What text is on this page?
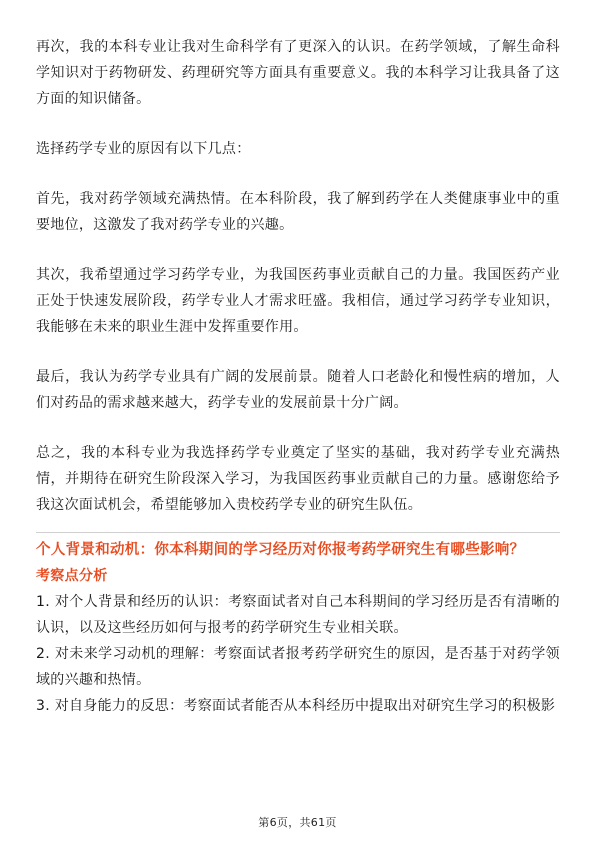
再次，我的本科专业让我对生命科学有了更深入的认识。在药学领域，了解生命科学知识对于药物研发、药理研究等方面具有重要意义。我的本科学习让我具备了这方面的知识储备。

选择药学专业的原因有以下几点：

首先，我对药学领域充满热情。在本科阶段，我了解到药学在人类健康事业中的重要地位，这激发了我对药学专业的兴趣。

其次，我希望通过学习药学专业，为我国医药事业贡献自己的力量。我国医药产业正处于快速发展阶段，药学专业人才需求旺盛。我相信，通过学习药学专业知识，我能够在未来的职业生涯中发挥重要作用。

最后，我认为药学专业具有广阔的发展前景。随着人口老龄化和慢性病的增加，人们对药品的需求越来越大，药学专业的发展前景十分广阔。

总之，我的本科专业为我选择药学专业奠定了坚实的基础，我对药学专业充满热情，并期待在研究生阶段深入学习，为我国医药事业贡献自己的力量。感谢您给予我这次面试机会，希望能够加入贵校药学专业的研究生队伍。

个人背景和动机：你本科期间的学习经历对你报考药学研究生有哪些影响？

考察点分析

1. 对个人背景和经历的认识：考察面试者对自己本科期间的学习经历是否有清晰的认识，以及这些经历如何与报考的药学研究生专业相关联。

2. 对未来学习动机的理解：考察面试者报考药学研究生的原因，是否基于对药学领域的兴趣和热情。

3. 对自身能力的反思：考察面试者能否从本科经历中提取出对研究生学习的积极影

第6页，共61页
